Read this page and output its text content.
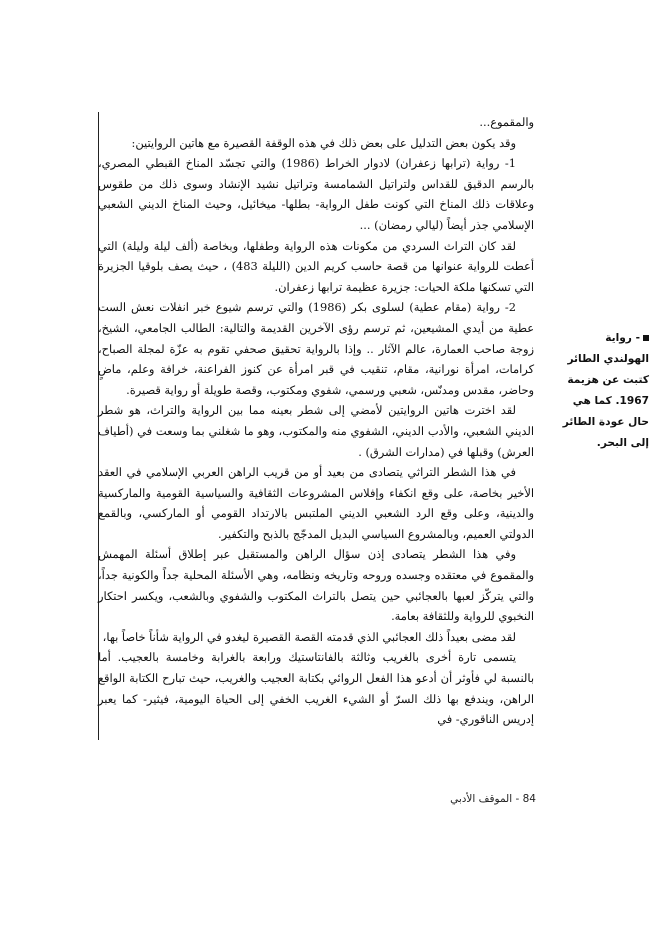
والمقموع...

وقد يكون بعض التدليل على بعض ذلك في هذه الوقفة القصيرة مع هاتين الروايتين:

1- رواية (ترابها زعفران) لادوار الخراط (1986) والتي تجسّد المناخ القبطي المصري، بالرسم الدقيق للقداس ولتراتيل الشمامسة وتراتيل نشيد الإنشاد وسوى ذلك من طقوس وعلاقات ذلك المناخ التي كونت طفل الرواية- بطلها- ميخائيل، وحيث المناخ الديني الشعبي الإسلامي جذر أيضاً (ليالي رمضان) ...

لقد كان التراث السردي من مكونات هذه الرواية وطفلها، وبخاصة (ألف ليلة وليلة) التي أعطت للرواية عنوانها من قصة حاسب كريم الدين (الليلة 483) ، حيث يصف بلوقيا الجزيرة التي تسكنها ملكة الحيات: جزيرة عظيمة ترابها زعفران.

2- رواية (مقام عطية) لسلوى بكر (1986) والتي ترسم شيوع خبر انفلات نعش الست عطية من أيدي المشيعين، ثم ترسم رؤى الآخرين القديمة والتالية: الطالب الجامعي، الشيخ، زوجة صاحب العمارة، عالم الآثار .. وإذا بالرواية تحقيق صحفي تقوم به عزّة لمجلة الصباح، كرامات، امرأة نورانية، مقام، تنقيب في قبر امرأة عن كنوز الفراعنة، خرافة وعلم، ماضٍ وحاضر، مقدس ومدنّس، شعبي ورسمي، شفوي ومكتوب، وقصة طويلة أو رواية قصيرة.

لقد اخترت هاتين الروايتين لأمضي إلى شطر بعينه مما بين الرواية والتراث، هو شطر الديني الشعبي، والأدب الديني، الشفوي منه والمكتوب، وهو ما شغلني بما وسعت في (أطياف العرش) وقبلها في (مدارات الشرق) .

في هذا الشطر التراثي يتصادى من بعيد أو من قريب الراهن العربي الإسلامي في العقد الأخير بخاصة، على وقع انكفاء وإفلاس المشروعات الثقافية والسياسية القومية والماركسية والدينية، وعلى وقع الرد الشعبي الديني الملتبس بالارتداد القومي أو الماركسي، وبالقمع الدولتي العميم، وبالمشروع السياسي البديل المدجّج بالذبح والتكفير.

وفي هذا الشطر يتصادى إذن سؤال الراهن والمستقبل عبر إطلاق أسئلة المهمش والمقموع في معتقده وجسده وروحه وتاريخه ونظامه، وهي الأسئلة المحلية جداً والكونية جداً، والتي يتركّز لعبها بالعجائبي حين يتصل بالتراث المكتوب والشفوي وبالشعب، ويكسر احتكار النخبوي للرواية وللثقافة بعامة.

لقد مضى بعيداً ذلك العجائبي الذي قدمته القصة القصيرة ليغدو في الرواية شأناً خاصاً بها،

يتسمى تارة أخرى بالغريب وثالثة بالفانتاستيك ورابعة بالغرابة وخامسة بالعجيب. أما بالنسبة لي فأوثر أن أدعو هذا الفعل الروائي بكتابة العجيب والغريب، حيث تبارح الكتابة الواقع الراهن، ويندفع بها ذلك السرّ أو الشيء الغريب الخفي إلى الحياة اليومية، فيثير- كما يعبر إدريس الناقوري- في

- رواية الهولندي الطائر كتبت عن هزيمة 1967. كما هي حال عودة الطائر إلى البحر.
84 - الموقف الأدبي
